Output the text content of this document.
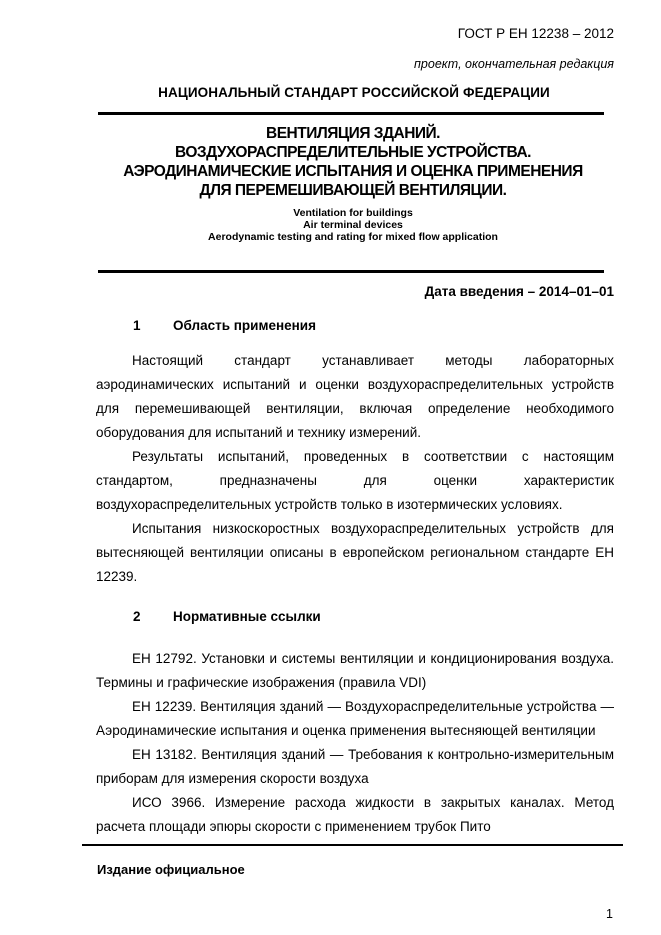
ГОСТ Р ЕН 12238 – 2012
проект, окончательная редакция
НАЦИОНАЛЬНЫЙ СТАНДАРТ РОССИЙСКОЙ ФЕДЕРАЦИИ
ВЕНТИЛЯЦИЯ ЗДАНИЙ.
ВОЗДУХОРАСПРЕДЕЛИТЕЛЬНЫЕ УСТРОЙСТВА.
АЭРОДИНАМИЧЕСКИЕ ИСПЫТАНИЯ И ОЦЕНКА ПРИМЕНЕНИЯ
ДЛЯ ПЕРЕМЕШИВАЮЩЕЙ ВЕНТИЛЯЦИИ.
Ventilation for buildings
Air terminal devices
Aerodynamic testing and rating for mixed flow application
Дата введения – 2014–01–01
1 Область применения

Настоящий стандарт устанавливает методы лабораторных аэродинамических испытаний и оценки воздухораспределительных устройств для перемешивающей вентиляции, включая определение необходимого оборудования для испытаний и технику измерений.

Результаты испытаний, проведенных в соответствии с настоящим стандартом, предназначены для оценки характеристик воздухораспределительных устройств только в изотермических условиях.

Испытания низкоскоростных воздухораспределительных устройств для вытесняющей вентиляции описаны в европейском региональном стандарте ЕН 12239.

2 Нормативные ссылки

ЕН 12792. Установки и системы вентиляции и кондиционирования воздуха. Термины и графические изображения (правила VDI)

ЕН 12239. Вентиляция зданий — Воздухораспределительные устройства — Аэродинамические испытания и оценка применения вытесняющей вентиляции

ЕН 13182. Вентиляция зданий — Требования к контрольно-измерительным приборам для измерения скорости воздуха

ИСО 3966. Измерение расхода жидкости в закрытых каналах. Метод расчета площади эпюры скорости с применением трубок Пито

Издание официальное
1
